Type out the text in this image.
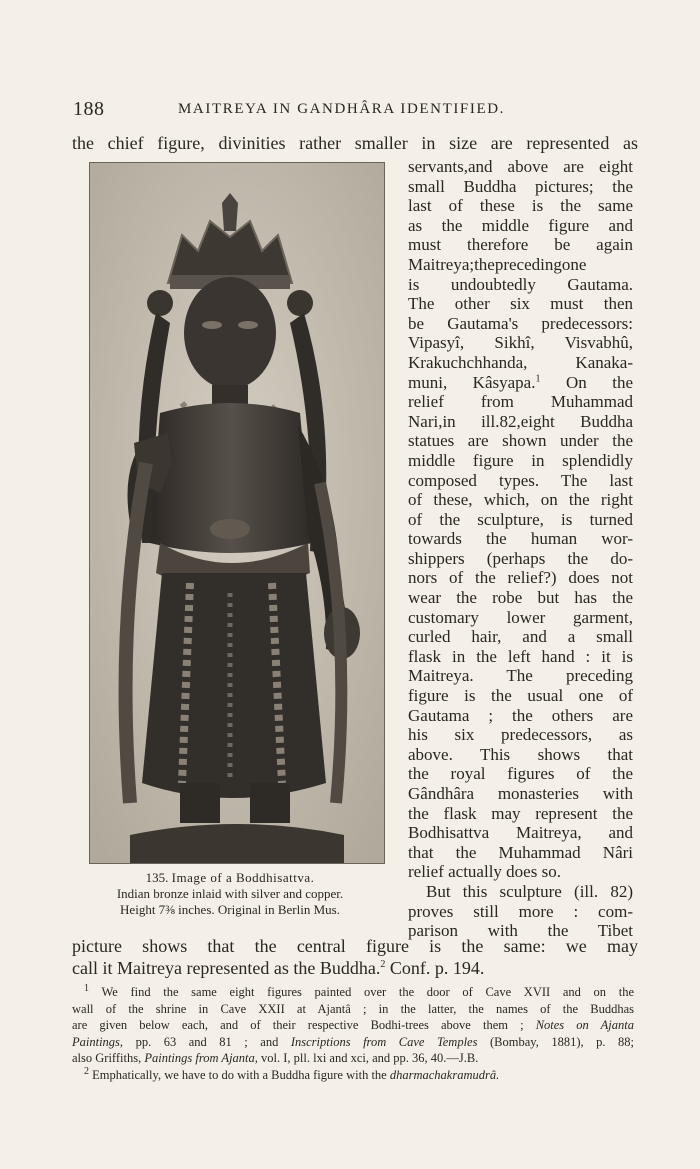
188	MAITREYA IN GANDHÂRA IDENTIFIED.
the chief figure, divinities rather smaller in size are represented as
servants,and above are eight
small Buddha pictures; the
last of these is the same
as the middle figure and
must therefore be again
Maitreya;theprecedingone
is undoubtedly Gautama.
The other six must then
be Gautama's predecessors:
Vipasyî, Sikhî, Visvabhû,
Krakuchchhanda, Kanaka-
muni, Kâsyapa.$^1$ On the
relief from Muhammad
Nari,in ill.82,eight Buddha
statues are shown under the
middle figure in splendidly
composed types. The last
of these, which, on the right
of the sculpture, is turned
towards the human wor-
shippers (perhaps the do-
nors of the relief?) does not
wear the robe but has the
customary lower garment,
curled hair, and a small
flask in the left hand : it is
Maitreya. The preceding
figure is the usual one of
Gautama ; the others are
his six predecessors, as
above. This shows that
the royal figures of the
Gândhâra monasteries with
the flask may represent the
Bodhisattva Maitreya, and
that the Muhammad Nâri
relief actually does so.
But this sculpture (ill. 82)
proves still more : com-
parison with the Tibet
135. Image of a Boddhisattva.
Indian bronze inlaid with silver and copper.
Height 7⅜ inches. Original in Berlin Mus.
picture shows that the central figure is the same: we may
call it Maitreya represented as the Buddha.$^2$ Conf. p. 194.
$^1$ We find the same eight figures painted over the door of Cave XVII and on the
wall of the shrine in Cave XXII at Ajantâ ; in the latter, the names of the Buddhas
are given below each, and of their respective Bodhi-trees above them ; Notes on Ajanta
Paintings, pp. 63 and 81 ; and Inscriptions from Cave Temples (Bombay, 1881), p. 88;
also Griffiths, Paintings from Ajanta, vol. I, pll. lxi and xci, and pp. 36, 40.—J.B.
$^2$ Emphatically, we have to do with a Buddha figure with the dharmachakramudrâ.
